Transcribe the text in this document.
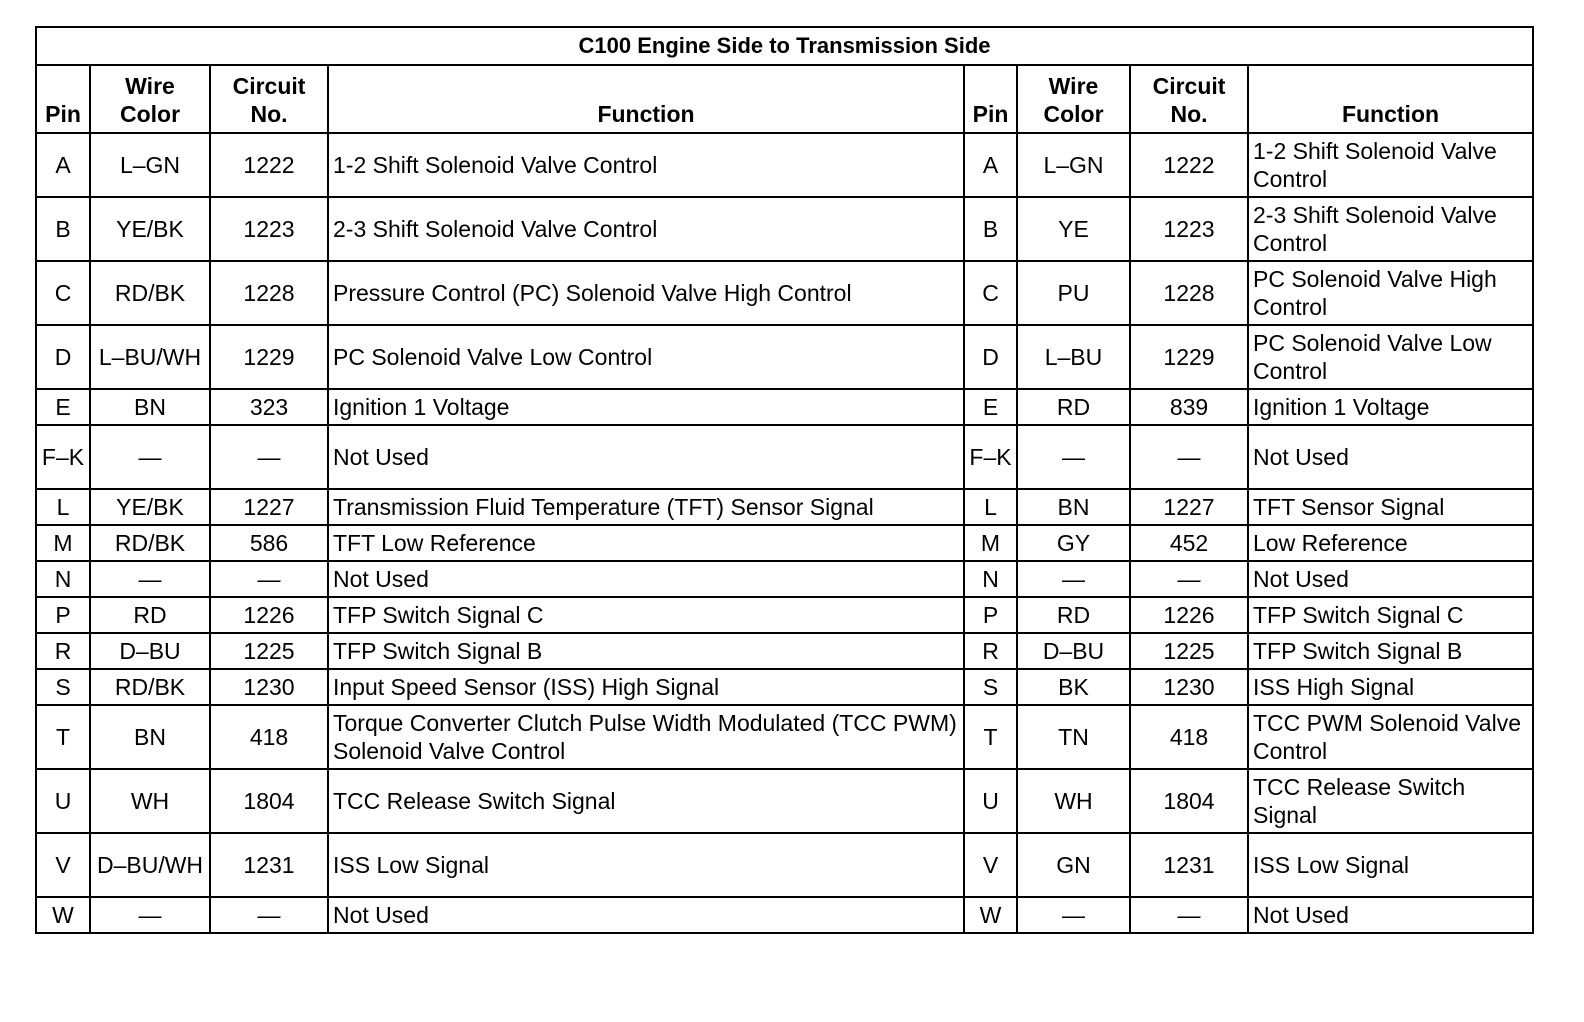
C100 Engine Side to Transmission Side							
Pin	Wire Color	Circuit No.	Function	Pin	Wire Color	Circuit No.	Function
A	L–GN	1222	1-2 Shift Solenoid Valve Control	A	L–GN	1222	1-2 Shift Solenoid Valve Control
B	YE/BK	1223	2-3 Shift Solenoid Valve Control	B	YE	1223	2-3 Shift Solenoid Valve Control
C	RD/BK	1228	Pressure Control (PC) Solenoid Valve High Control	C	PU	1228	PC Solenoid Valve High Control
D	L–BU/WH	1229	PC Solenoid Valve Low Control	D	L–BU	1229	PC Solenoid Valve Low Control
E	BN	323	Ignition 1 Voltage	E	RD	839	Ignition 1 Voltage
F–K	—	—	Not Used	F–K	—	—	Not Used
L	YE/BK	1227	Transmission Fluid Temperature (TFT) Sensor Signal	L	BN	1227	TFT Sensor Signal
M	RD/BK	586	TFT Low Reference	M	GY	452	Low Reference
N	—	—	Not Used	N	—	—	Not Used
P	RD	1226	TFP Switch Signal C	P	RD	1226	TFP Switch Signal C
R	D–BU	1225	TFP Switch Signal B	R	D–BU	1225	TFP Switch Signal B
S	RD/BK	1230	Input Speed Sensor (ISS) High Signal	S	BK	1230	ISS High Signal
T	BN	418	Torque Converter Clutch Pulse Width Modulated (TCC PWM) Solenoid Valve Control	T	TN	418	TCC PWM Solenoid Valve Control
U	WH	1804	TCC Release Switch Signal	U	WH	1804	TCC Release Switch Signal
V	D–BU/WH	1231	ISS Low Signal	V	GN	1231	ISS Low Signal
W	—	—	Not Used	W	—	—	Not Used
